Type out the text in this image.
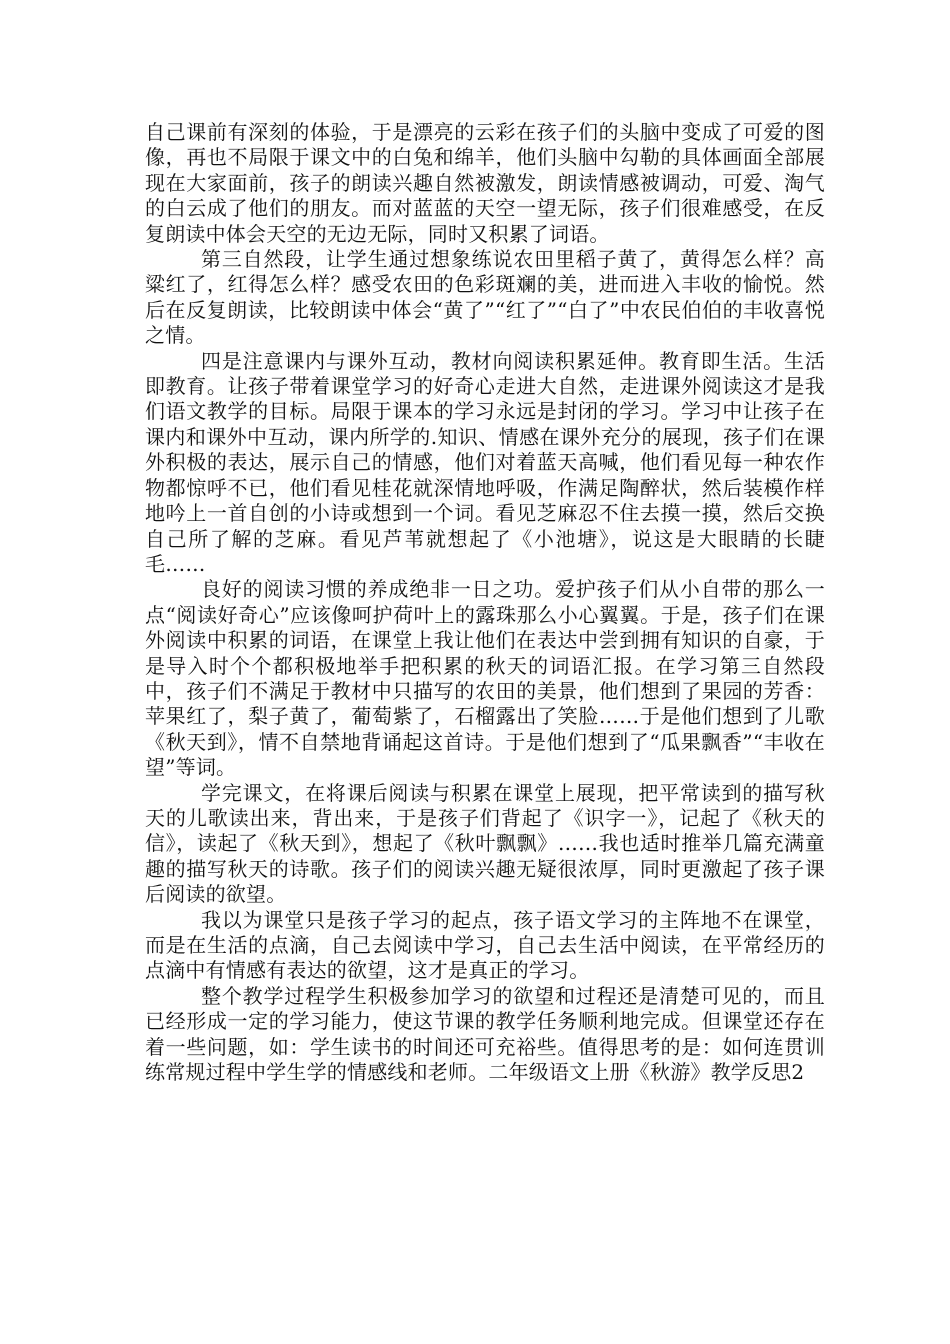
自己课前有深刻的体验，于是漂亮的云彩在孩子们的头脑中变成了可爱的图像，再也不局限于课文中的白兔和绵羊，他们头脑中勾勒的具体画面全部展现在大家面前，孩子的朗读兴趣自然被激发，朗读情感被调动，可爱、淘气的白云成了他们的朋友。而对蓝蓝的天空一望无际，孩子们很难感受，在反复朗读中体会天空的无边无际，同时又积累了词语。

第三自然段，让学生通过想象练说农田里稻子黄了，黄得怎么样？高粱红了，红得怎么样？感受农田的色彩斑斓的美，进而进入丰收的愉悦。然后在反复朗读，比较朗读中体会“黄了”“红了”“白了”中农民伯伯的丰收喜悦之情。

四是注意课内与课外互动，教材向阅读积累延伸。教育即生活。生活即教育。让孩子带着课堂学习的好奇心走进大自然，走进课外阅读这才是我们语文教学的目标。局限于课本的学习永远是封闭的学习。学习中让孩子在课内和课外中互动，课内所学的.知识、情感在课外充分的展现，孩子们在课外积极的表达，展示自己的情感，他们对着蓝天高喊，他们看见每一种农作物都惊呼不已，他们看见桂花就深情地呼吸，作满足陶醉状，然后装模作样地吟上一首自创的小诗或想到一个词。看见芝麻忍不住去摸一摸，然后交换自己所了解的芝麻。看见芦苇就想起了《小池塘》，说这是大眼睛的长睫毛……

良好的阅读习惯的养成绝非一日之功。爱护孩子们从小自带的那么一点“阅读好奇心”应该像呵护荷叶上的露珠那么小心翼翼。于是，孩子们在课外阅读中积累的词语，在课堂上我让他们在表达中尝到拥有知识的自豪，于是导入时个个都积极地举手把积累的秋天的词语汇报。在学习第三自然段中，孩子们不满足于教材中只描写的农田的美景，他们想到了果园的芳香：苹果红了，梨子黄了，葡萄紫了，石榴露出了笑脸……于是他们想到了儿歌《秋天到》，情不自禁地背诵起这首诗。于是他们想到了“瓜果飘香”“丰收在望”等词。

学完课文，在将课后阅读与积累在课堂上展现，把平常读到的描写秋天的儿歌读出来，背出来，于是孩子们背起了《识字一》，记起了《秋天的信》，读起了《秋天到》，想起了《秋叶飘飘》……我也适时推举几篇充满童趣的描写秋天的诗歌。孩子们的阅读兴趣无疑很浓厚，同时更激起了孩子课后阅读的欲望。

我以为课堂只是孩子学习的起点，孩子语文学习的主阵地不在课堂，而是在生活的点滴，自己去阅读中学习，自己去生活中阅读，在平常经历的点滴中有情感有表达的欲望，这才是真正的学习。

整个教学过程学生积极参加学习的欲望和过程还是清楚可见的，而且已经形成一定的学习能力，使这节课的教学任务顺利地完成。但课堂还存在着一些问题，如：学生读书的时间还可充裕些。值得思考的是：如何连贯训练常规过程中学生学的情感线和老师。二年级语文上册《秋游》教学反思2
